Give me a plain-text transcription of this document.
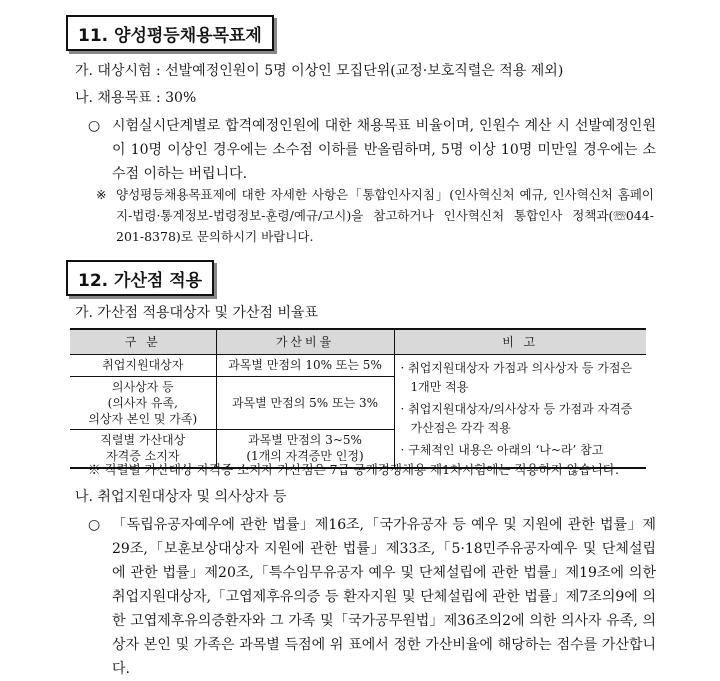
11. 양성평등채용목표제
가. 대상시험 : 선발예정인원이 5명 이상인 모집단위(교정·보호직렬은 적용 제외)
나. 채용목표 : 30%
○ 시험실시단계별로 합격예정인원에 대한 채용목표 비율이며, 인원수 계산 시 선발예정인원이 10명 이상인 경우에는 소수점 이하를 반올림하며, 5명 이상 10명 미만일 경우에는 소수점 이하는 버립니다.
※ 양성평등채용목표제에 대한 자세한 사항은「통합인사지침」(인사혁신처 예규, 인사혁신처 홈페이지-법령·통계정보-법령정보-훈령/예규/고시)을 참고하거나 인사혁신처 통합인사 정책과(☏044-201-8378)로 문의하시기 바랍니다.
12. 가산점 적용
가. 가산점 적용대상자 및 가산점 비율표
구 분	가산비율	비 고
취업지원대상자	과목별 만점의 10% 또는 5%	· 취업지원대상자 가점과 의사상자 등 가점은 1개만 적용
· 취업지원대상자/의사상자 등 가점과 자격증 가산점은 각각 적용
· 구체적인 내용은 아래의 ‘나~라’ 참고

의사상자 등
(의사자 유족,
의상자 본인 및 가족)	과목별 만점의 5% 또는 3%	
직렬별 가산대상
자격증 소지자	과목별 만점의 3~5%
(1개의 자격증만 인정)	
※ 직렬별 가산대상 자격증 소지자 가산점은 7급 공개경쟁채용 제1차시험에는 적용하지 않습니다.
나. 취업지원대상자 및 의사상자 등
○ 「독립유공자예우에 관한 법률」제16조,「국가유공자 등 예우 및 지원에 관한 법률」제29조,「보훈보상대상자 지원에 관한 법률」제33조,「5·18민주유공자예우 및 단체설립에 관한 법률」제20조,「특수임무유공자 예우 및 단체설립에 관한 법률」제19조에 의한 취업지원대상자,「고엽제후유의증 등 환자지원 및 단체설립에 관한 법률」제7조의9에 의한 고엽제후유의증환자와 그 가족 및「국가공무원법」제36조의2에 의한 의사자 유족, 의상자 본인 및 가족은 과목별 득점에 위 표에서 정한 가산비율에 해당하는 점수를 가산합니다.
